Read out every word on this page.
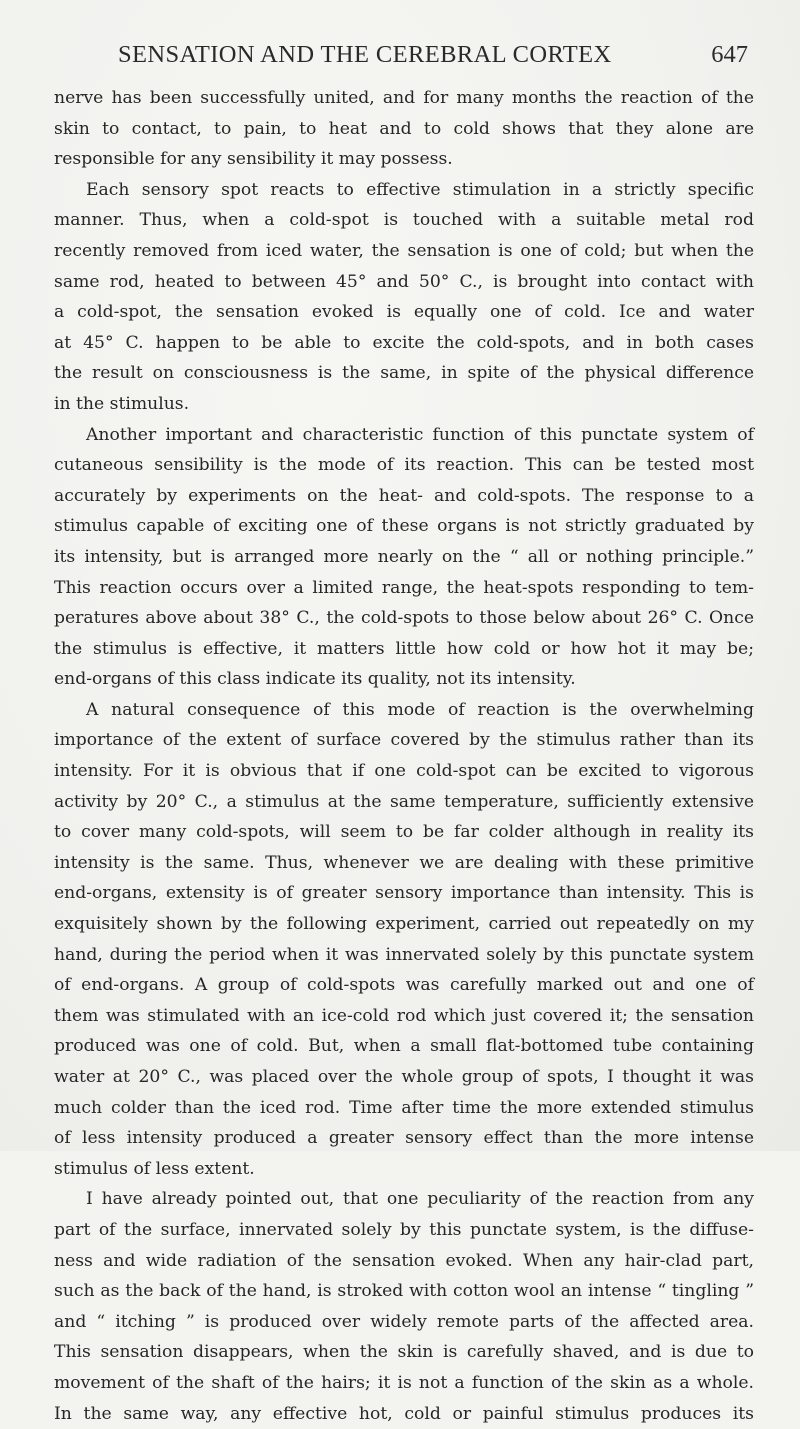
SENSATION AND THE CEREBRAL CORTEX	647
nerve has been successfully united, and for many months the reaction of the
skin to contact, to pain, to heat and to cold shows that they alone are
responsible for any sensibility it may possess.
Each sensory spot reacts to effective stimulation in a strictly specific
manner. Thus, when a cold-spot is touched with a suitable metal rod
recently removed from iced water, the sensation is one of cold; but when the
same rod, heated to between 45° and 50° C., is brought into contact with
a cold-spot, the sensation evoked is equally one of cold. Ice and water
at 45° C. happen to be able to excite the cold-spots, and in both cases
the result on consciousness is the same, in spite of the physical difference
in the stimulus.
Another important and characteristic function of this punctate system of
cutaneous sensibility is the mode of its reaction. This can be tested most
accurately by experiments on the heat- and cold-spots. The response to a
stimulus capable of exciting one of these organs is not strictly graduated by
its intensity, but is arranged more nearly on the “ all or nothing principle.”
This reaction occurs over a limited range, the heat-spots responding to tem-
peratures above about 38° C., the cold-spots to those below about 26° C. Once
the stimulus is effective, it matters little how cold or how hot it may be;
end-organs of this class indicate its quality, not its intensity.
A natural consequence of this mode of reaction is the overwhelming
importance of the extent of surface covered by the stimulus rather than its
intensity. For it is obvious that if one cold-spot can be excited to vigorous
activity by 20° C., a stimulus at the same temperature, sufficiently extensive
to cover many cold-spots, will seem to be far colder although in reality its
intensity is the same. Thus, whenever we are dealing with these primitive
end-organs, extensity is of greater sensory importance than intensity. This is
exquisitely shown by the following experiment, carried out repeatedly on my
hand, during the period when it was innervated solely by this punctate system
of end-organs. A group of cold-spots was carefully marked out and one of
them was stimulated with an ice-cold rod which just covered it; the sensation
produced was one of cold. But, when a small flat-bottomed tube containing
water at 20° C., was placed over the whole group of spots, I thought it was
much colder than the iced rod. Time after time the more extended stimulus
of less intensity produced a greater sensory effect than the more intense
stimulus of less extent.
I have already pointed out, that one peculiarity of the reaction from any
part of the surface, innervated solely by this punctate system, is the diffuse-
ness and wide radiation of the sensation evoked. When any hair-clad part,
such as the back of the hand, is stroked with cotton wool an intense “ tingling ”
and “ itching ” is produced over widely remote parts of the affected area.
This sensation disappears, when the skin is carefully shaved, and is due to
movement of the shaft of the hairs; it is not a function of the skin as a whole.
In the same way, any effective hot, cold or painful stimulus produces its
